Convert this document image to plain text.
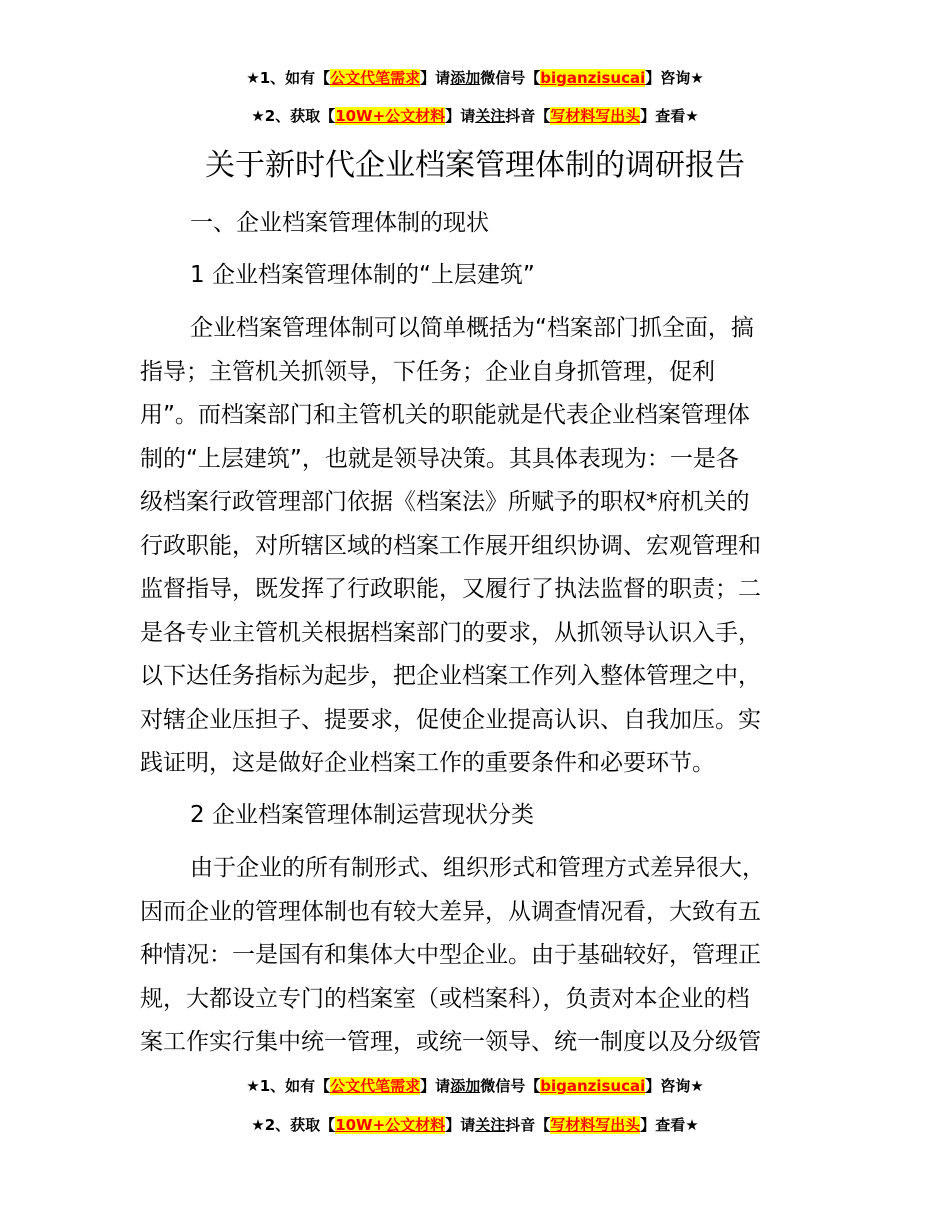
★1、如有【公文代笔需求】请添加微信号【biganzisucai】咨询★
★2、获取【10W+公文材料】请关注抖音【写材料写出头】查看★
关于新时代企业档案管理体制的调研报告
一、企业档案管理体制的现状
1 企业档案管理体制的“上层建筑”

企业档案管理体制可以简单概括为“档案部门抓全面，搞
指导；主管机关抓领导，下任务；企业自身抓管理，促利
用”。而档案部门和主管机关的职能就是代表企业档案管理体
制的“上层建筑”，也就是领导决策。其具体表现为：一是各
级档案行政管理部门依据《档案法》所赋予的职权*府机关的
行政职能，对所辖区域的档案工作展开组织协调、宏观管理和
监督指导，既发挥了行政职能，又履行了执法监督的职责；二
是各专业主管机关根据档案部门的要求，从抓领导认识入手，
以下达任务指标为起步，把企业档案工作列入整体管理之中，
对辖企业压担子、提要求，促使企业提高认识、自我加压。实
践证明，这是做好企业档案工作的重要条件和必要环节。

2 企业档案管理体制运营现状分类

由于企业的所有制形式、组织形式和管理方式差异很大，
因而企业的管理体制也有较大差异，从调查情况看，大致有五
种情况：一是国有和集体大中型企业。由于基础较好，管理正
规，大都设立专门的档案室（或档案科），负责对本企业的档
案工作实行集中统一管理，或统一领导、统一制度以及分级管

★1、如有【公文代笔需求】请添加微信号【biganzisucai】咨询★
★2、获取【10W+公文材料】请关注抖音【写材料写出头】查看★
